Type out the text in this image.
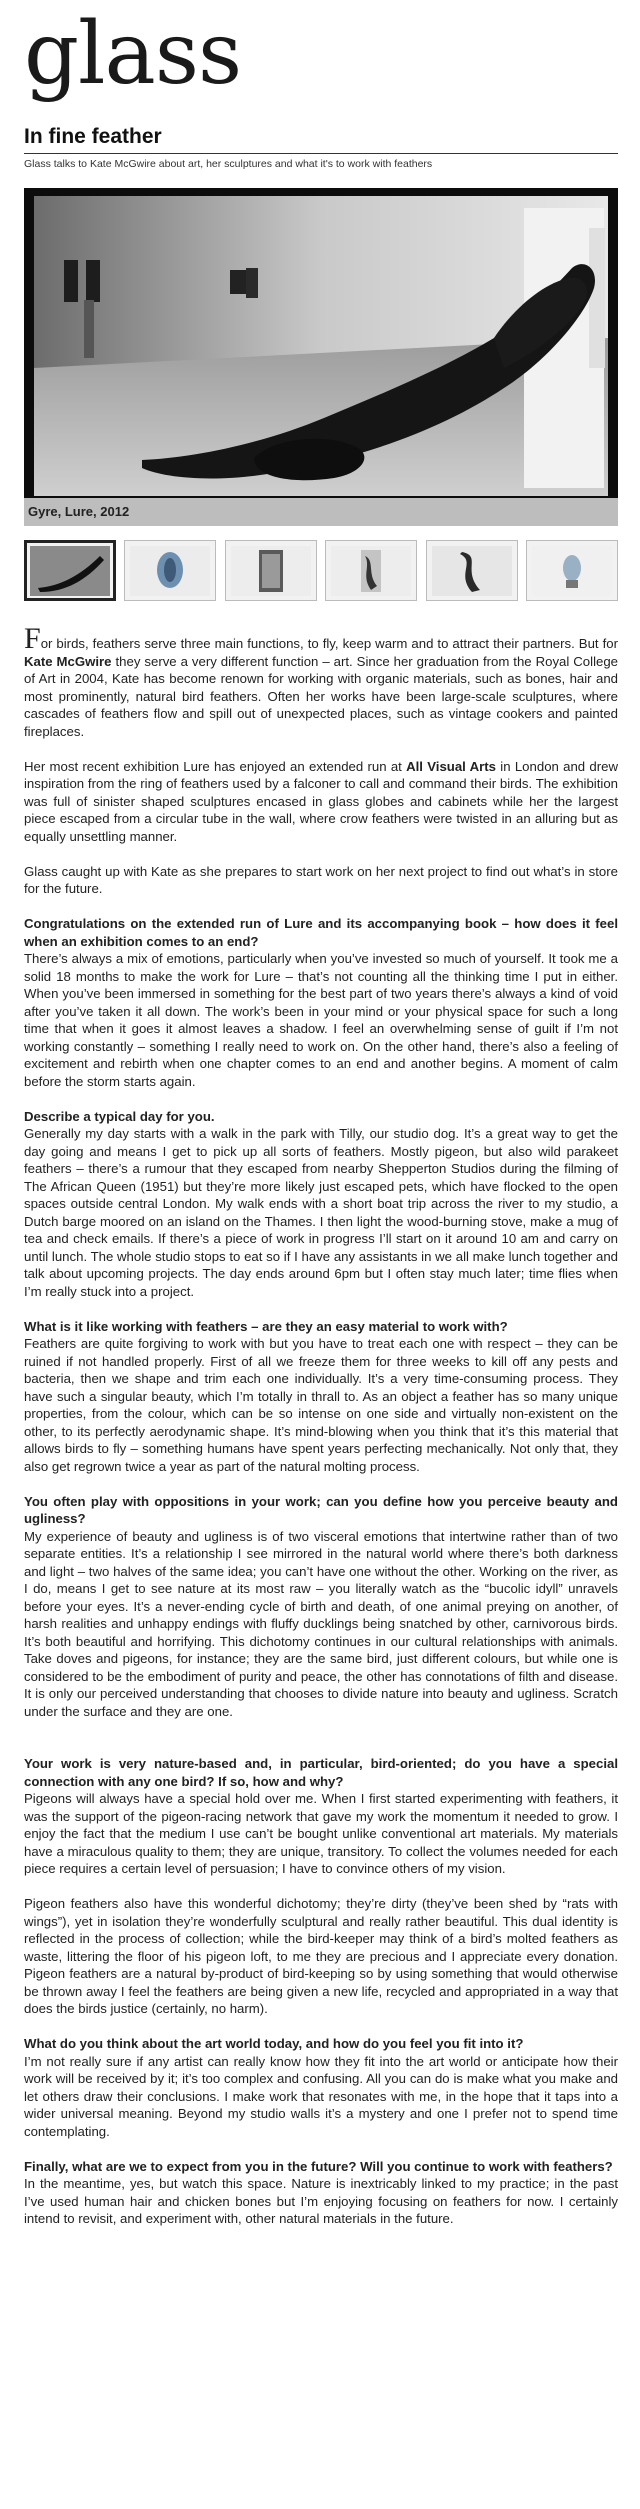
glass
In fine feather

Glass talks to Kate McGwire about art, her sculptures and what it's to work with feathers

Gyre, Lure, 2012

For birds, feathers serve three main functions, to fly, keep warm and to attract their partners. But for Kate McGwire they serve a very different function – art. Since her graduation from the Royal College of Art in 2004, Kate has become renown for working with organic materials, such as bones, hair and most prominently, natural bird feathers. Often her works have been large-scale sculptures, where cascades of feathers flow and spill out of unexpected places, such as vintage cookers and painted fireplaces.

Her most recent exhibition Lure has enjoyed an extended run at All Visual Arts in London and drew inspiration from the ring of feathers used by a falconer to call and command their birds. The exhibition was full of sinister shaped sculptures encased in glass globes and cabinets while her the largest piece escaped from a circular tube in the wall, where crow feathers were twisted in an alluring but as equally unsettling manner.

Glass caught up with Kate as she prepares to start work on her next project to find out what’s in store for the future.

Congratulations on the extended run of Lure and its accompanying book – how does it feel when an exhibition comes to an end?

There’s always a mix of emotions, particularly when you’ve invested so much of yourself. It took me a solid 18 months to make the work for Lure – that’s not counting all the thinking time I put in either. When you’ve been immersed in something for the best part of two years there’s always a kind of void after you’ve taken it all down. The work’s been in your mind or your physical space for such a long time that when it goes it almost leaves a shadow. I feel an overwhelming sense of guilt if I’m not working constantly – something I really need to work on. On the other hand, there’s also a feeling of excitement and rebirth when one chapter comes to an end and another begins. A moment of calm before the storm starts again.

Describe a typical day for you.

Generally my day starts with a walk in the park with Tilly, our studio dog. It’s a great way to get the day going and means I get to pick up all sorts of feathers. Mostly pigeon, but also wild parakeet feathers – there’s a rumour that they escaped from nearby Shepperton Studios during the filming of The African Queen (1951) but they’re more likely just escaped pets, which have flocked to the open spaces outside central London. My walk ends with a short boat trip across the river to my studio, a Dutch barge moored on an island on the Thames. I then light the wood-burning stove, make a mug of tea and check emails. If there’s a piece of work in progress I’ll start on it around 10 am and carry on until lunch. The whole studio stops to eat so if I have any assistants in we all make lunch together and talk about upcoming projects. The day ends around 6pm but I often stay much later; time flies when I’m really stuck into a project.

What is it like working with feathers – are they an easy material to work with?

Feathers are quite forgiving to work with but you have to treat each one with respect – they can be ruined if not handled properly. First of all we freeze them for three weeks to kill off any pests and bacteria, then we shape and trim each one individually. It’s a very time-consuming process. They have such a singular beauty, which I’m totally in thrall to. As an object a feather has so many unique properties, from the colour, which can be so intense on one side and virtually non-existent on the other, to its perfectly aerodynamic shape. It’s mind-blowing when you think that it’s this material that allows birds to fly – something humans have spent years perfecting mechanically. Not only that, they also get regrown twice a year as part of the natural molting process.

You often play with oppositions in your work; can you define how you perceive beauty and ugliness?

My experience of beauty and ugliness is of two visceral emotions that intertwine rather than of two separate entities. It’s a relationship I see mirrored in the natural world where there’s both darkness and light – two halves of the same idea; you can’t have one without the other. Working on the river, as I do, means I get to see nature at its most raw – you literally watch as the “bucolic idyll” unravels before your eyes. It’s a never-ending cycle of birth and death, of one animal preying on another, of harsh realities and unhappy endings with fluffy ducklings being snatched by other, carnivorous birds. It’s both beautiful and horrifying. This dichotomy continues in our cultural relationships with animals. Take doves and pigeons, for instance; they are the same bird, just different colours, but while one is considered to be the embodiment of purity and peace, the other has connotations of filth and disease. It is only our perceived understanding that chooses to divide nature into beauty and ugliness. Scratch under the surface and they are one.

Your work is very nature-based and, in particular, bird-oriented; do you have a special connection with any one bird? If so, how and why?

Pigeons will always have a special hold over me. When I first started experimenting with feathers, it was the support of the pigeon-racing network that gave my work the momentum it needed to grow. I enjoy the fact that the medium I use can’t be bought unlike conventional art materials. My materials have a miraculous quality to them; they are unique, transitory. To collect the volumes needed for each piece requires a certain level of persuasion; I have to convince others of my vision.

Pigeon feathers also have this wonderful dichotomy; they’re dirty (they’ve been shed by “rats with wings”), yet in isolation they’re wonderfully sculptural and really rather beautiful. This dual identity is reflected in the process of collection; while the bird-keeper may think of a bird’s molted feathers as waste, littering the floor of his pigeon loft, to me they are precious and I appreciate every donation. Pigeon feathers are a natural by-product of bird-keeping so by using something that would otherwise be thrown away I feel the feathers are being given a new life, recycled and appropriated in a way that does the birds justice (certainly, no harm).

What do you think about the art world today, and how do you feel you fit into it?

I’m not really sure if any artist can really know how they fit into the art world or anticipate how their work will be received by it; it’s too complex and confusing. All you can do is make what you make and let others draw their conclusions. I make work that resonates with me, in the hope that it taps into a wider universal meaning. Beyond my studio walls it’s a mystery and one I prefer not to spend time contemplating.

Finally, what are we to expect from you in the future? Will you continue to work with feathers?

In the meantime, yes, but watch this space. Nature is inextricably linked to my practice; in the past I’ve used human hair and chicken bones but I’m enjoying focusing on feathers for now. I certainly intend to revisit, and experiment with, other natural materials in the future.
